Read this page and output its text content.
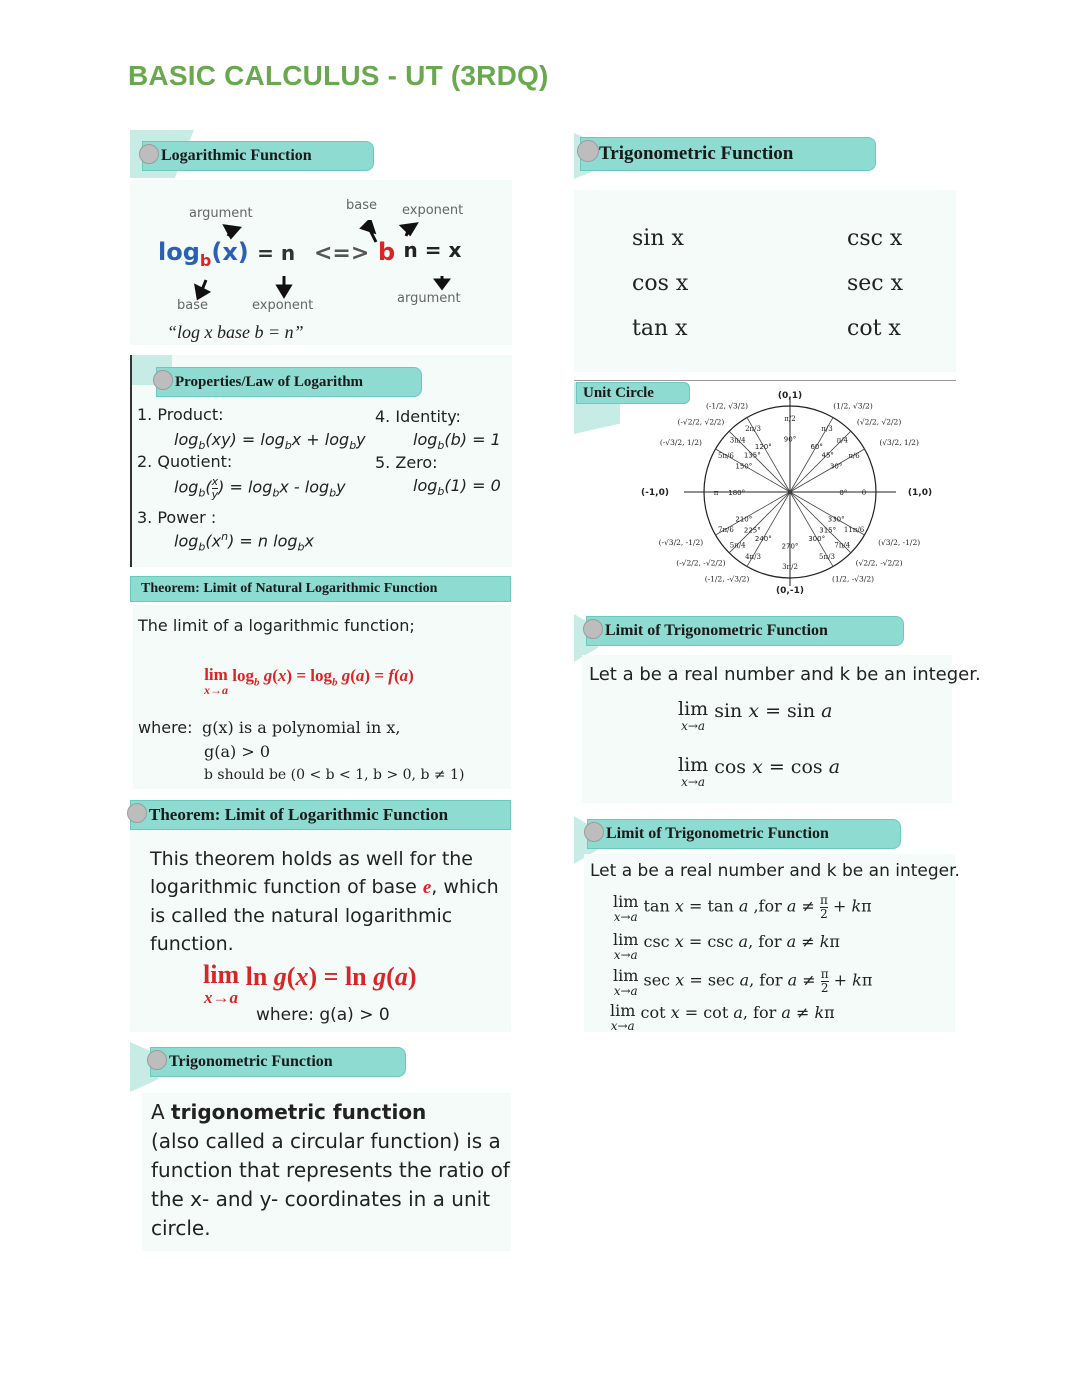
BASIC CALCULUS - UT (3RDQ)
Logarithmic Function
argument
base exponent
$\log_b(x) = n$ <=> b $^{n = x}$
base	exponent	argument
“log x base b = n”
Properties/Law of Logarithm
1. Product:
$\log_b(xy) = \log_bx + \log_by$
2. Quotient:
$\log_b( \frac{x}{y}$ ) = $\log_bx - \log_by$
3. Power :
$\log_b(x^n) = n$ $\log_bx$
4. Identity:
$\log_b(b) = 1$
5. Zero:
$\log_b(1) = 0$
Theorem: Limit of Natural Logarithmic Function
The limit of a logarithmic function;
lim
x→a
$\log_b g(x) = \log_b g(a) = f(a)$
where: g(x) is a polynomial in x,
g(a) > 0
b should be (0 < b < 1, b > 0, b ≠ 1)
Theorem: Limit of Logarithmic Function
This theorem holds as well for the
logarithmic function of base e, which
is called the natural logarithmic
function.
lim
x→a
ln g(x) = ln g(a)
where: g(a) > 0
Trigonometric Function
A trigonometric function
(also called a circular function) is a
function that represents the ratio of
the x- and y- coordinates in a unit
circle.
Trigonometric Function
sin x	csc x
cos x	sec x
tan x	cot x
Unit Circle
0° 0
30°
π/6
(√3/2, 1/2)
45°
π/4
(√2/2, √2/2)
60°
π/3
(1/2, √3/2)
90°
π/2
120°
2π/3
(-1/2, √3/2)
135°
3π/4
(-√2/2, √2/2)
150°
5π/6
(-√3/2, 1/2)
180°
π
210°
7π/6
(-√3/2, -1/2)
225°
5π/4
(-√2/2, -√2/2)
240°
4π/3
(-1/2, -√3/2)
270°
3π/2
300°
5π/3
(1/2, -√3/2)
315°
7π/4
(√2/2, -√2/2)
330°
11π/6
(√3/2, -1/2)
(0,1)
(0,-1)
(-1,0)	(1,0)
Limit of Trigonometric Function
Let a be a real number and k be an integer.
lim
x→a
sin x = sin a
lim
x→a
cos x = cos a
Limit of Trigonometric Function
Let a be a real number and k be an integer.
lim
x→a
tan x = tan a ,for $a \ne \frac{\pi}{2} + k\pi$
lim
x→a
csc x = csc a, for a ≠ kπ
lim
x→a
sec x = sec a, for $a \ne \frac{\pi}{2} + k\pi$
lim
x→a
cot x = cot a, for a ≠ kπ
